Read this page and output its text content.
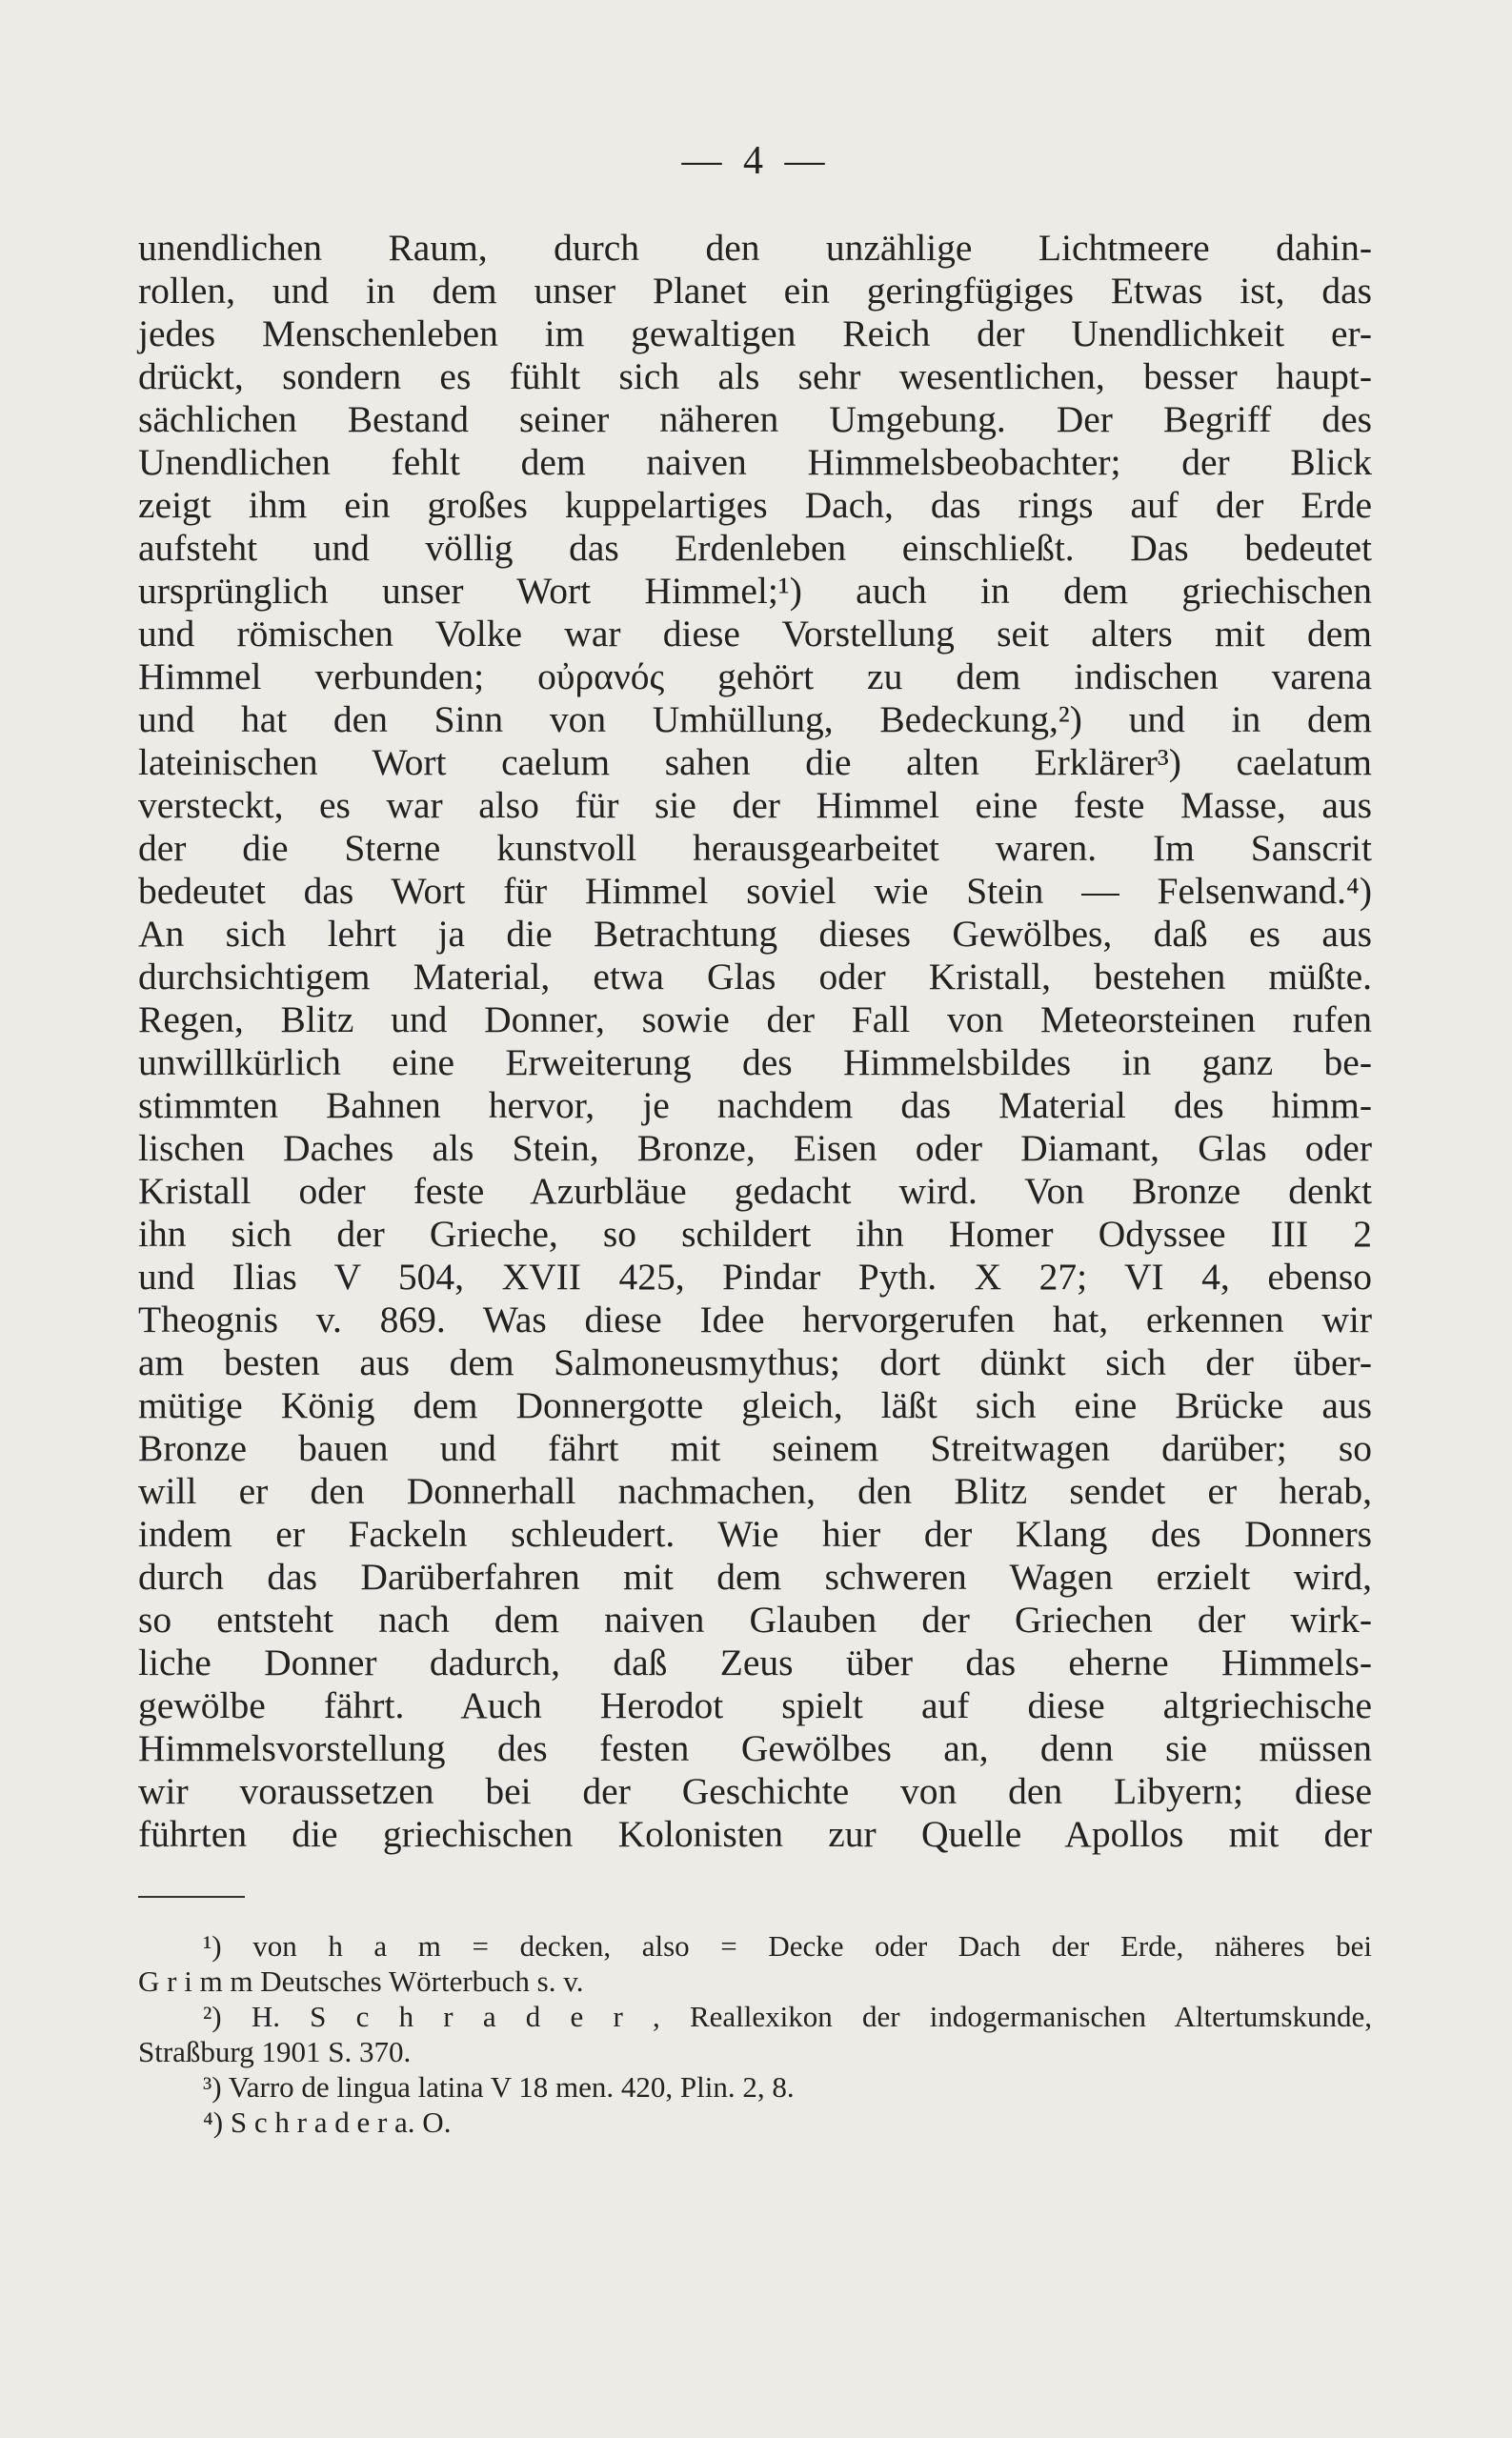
— 4 —
unendlichen Raum, durch den unzählige Lichtmeere dahin-
rollen, und in dem unser Planet ein geringfügiges Etwas ist, das
jedes Menschenleben im gewaltigen Reich der Unendlichkeit er-
drückt, sondern es fühlt sich als sehr wesentlichen, besser haupt-
sächlichen Bestand seiner näheren Umgebung. Der Begriff des
Unendlichen fehlt dem naiven Himmelsbeobachter; der Blick
zeigt ihm ein großes kuppelartiges Dach, das rings auf der Erde
aufsteht und völlig das Erdenleben einschließt. Das bedeutet
ursprünglich unser Wort Himmel;¹) auch in dem griechischen
und römischen Volke war diese Vorstellung seit alters mit dem
Himmel verbunden; οὐρανός gehört zu dem indischen varena
und hat den Sinn von Umhüllung, Bedeckung,²) und in dem
lateinischen Wort caelum sahen die alten Erklärer³) caelatum
versteckt, es war also für sie der Himmel eine feste Masse, aus
der die Sterne kunstvoll herausgearbeitet waren. Im Sanscrit
bedeutet das Wort für Himmel soviel wie Stein — Felsenwand.⁴)
An sich lehrt ja die Betrachtung dieses Gewölbes, daß es aus
durchsichtigem Material, etwa Glas oder Kristall, bestehen müßte.
Regen, Blitz und Donner, sowie der Fall von Meteorsteinen rufen
unwillkürlich eine Erweiterung des Himmelsbildes in ganz be-
stimmten Bahnen hervor, je nachdem das Material des himm-
lischen Daches als Stein, Bronze, Eisen oder Diamant, Glas oder
Kristall oder feste Azurbläue gedacht wird. Von Bronze denkt
ihn sich der Grieche, so schildert ihn Homer Odyssee III 2
und Ilias V 504, XVII 425, Pindar Pyth. X 27; VI 4, ebenso
Theognis v. 869. Was diese Idee hervorgerufen hat, erkennen wir
am besten aus dem Salmoneusmythus; dort dünkt sich der über-
mütige König dem Donnergotte gleich, läßt sich eine Brücke aus
Bronze bauen und fährt mit seinem Streitwagen darüber; so
will er den Donnerhall nachmachen, den Blitz sendet er herab,
indem er Fackeln schleudert. Wie hier der Klang des Donners
durch das Darüberfahren mit dem schweren Wagen erzielt wird,
so entsteht nach dem naiven Glauben der Griechen der wirk-
liche Donner dadurch, daß Zeus über das eherne Himmels-
gewölbe fährt. Auch Herodot spielt auf diese altgriechische
Himmelsvorstellung des festen Gewölbes an, denn sie müssen
wir voraussetzen bei der Geschichte von den Libyern; diese
führten die griechischen Kolonisten zur Quelle Apollos mit der
¹) von h a m = decken, also = Decke oder Dach der Erde, näheres bei
G r i m m Deutsches Wörterbuch s. v.
²) H. S c h r a d e r , Reallexikon der indogermanischen Altertumskunde,
Straßburg 1901 S. 370.
³) Varro de lingua latina V 18 men. 420, Plin. 2, 8.
⁴) S c h r a d e r a. O.
